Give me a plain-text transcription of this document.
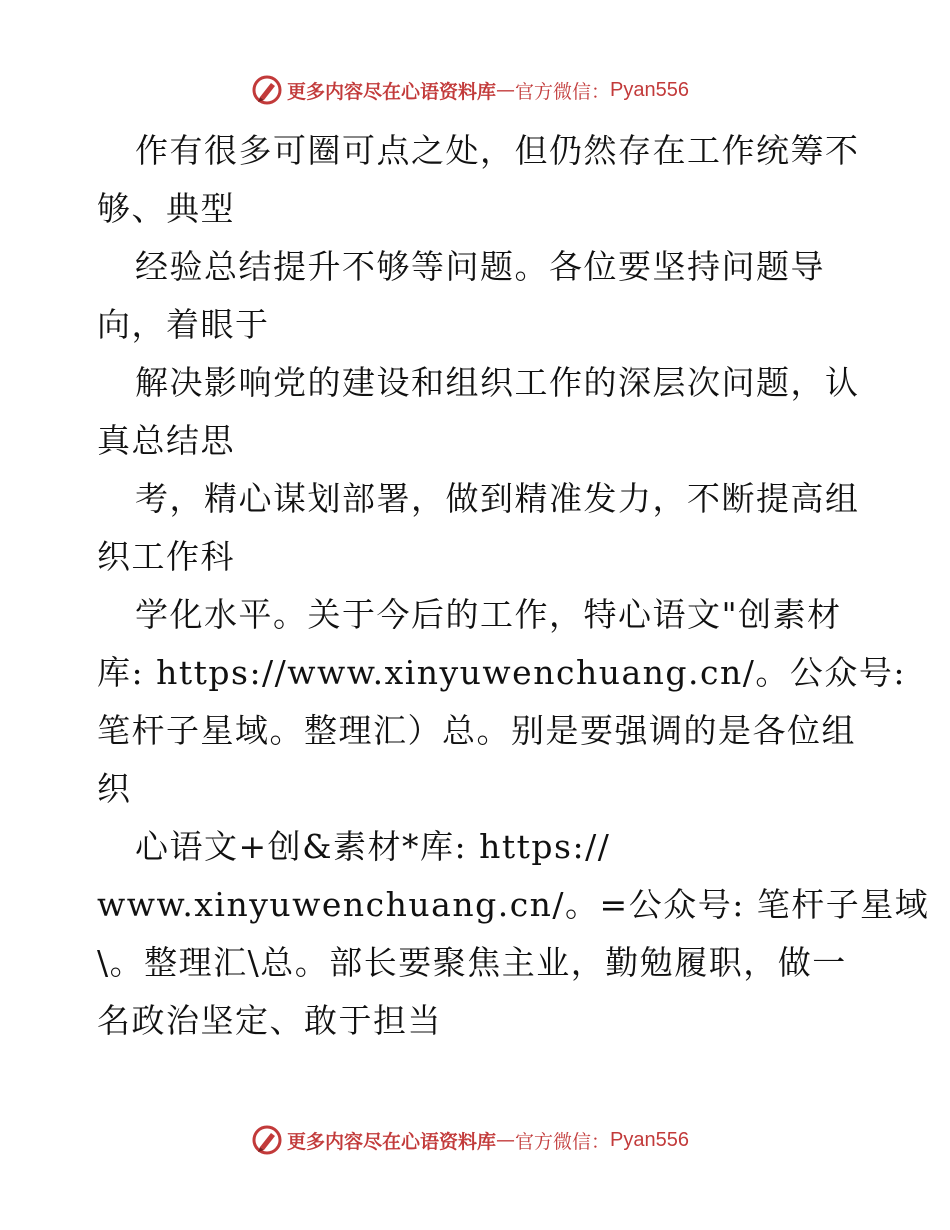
更多内容尽在心语资料库 — 官方微信： Pyan556
作有很多可圈可点之处，但仍然存在工作统筹不
够、典型
经验总结提升不够等问题。各位要坚持问题导
向，着眼于
解决影响党的建设和组织工作的深层次问题，认
真总结思
考，精心谋划部署，做到精准发力，不断提高组
织工作科
学化水平。关于今后的工作，特心语文"创素材
库: https://www.xinyuwenchuang.cn/。公众号:
笔杆子星域。整理汇）总。别是要强调的是各位组
织
心语文+创&素材*库: https://
www.xinyuwenchuang.cn/。=公众号: 笔杆子星域
\。整理汇\总。部长要聚焦主业，勤勉履职，做一
名政治坚定、敢于担当
更多内容尽在心语资料库 — 官方微信： Pyan556
